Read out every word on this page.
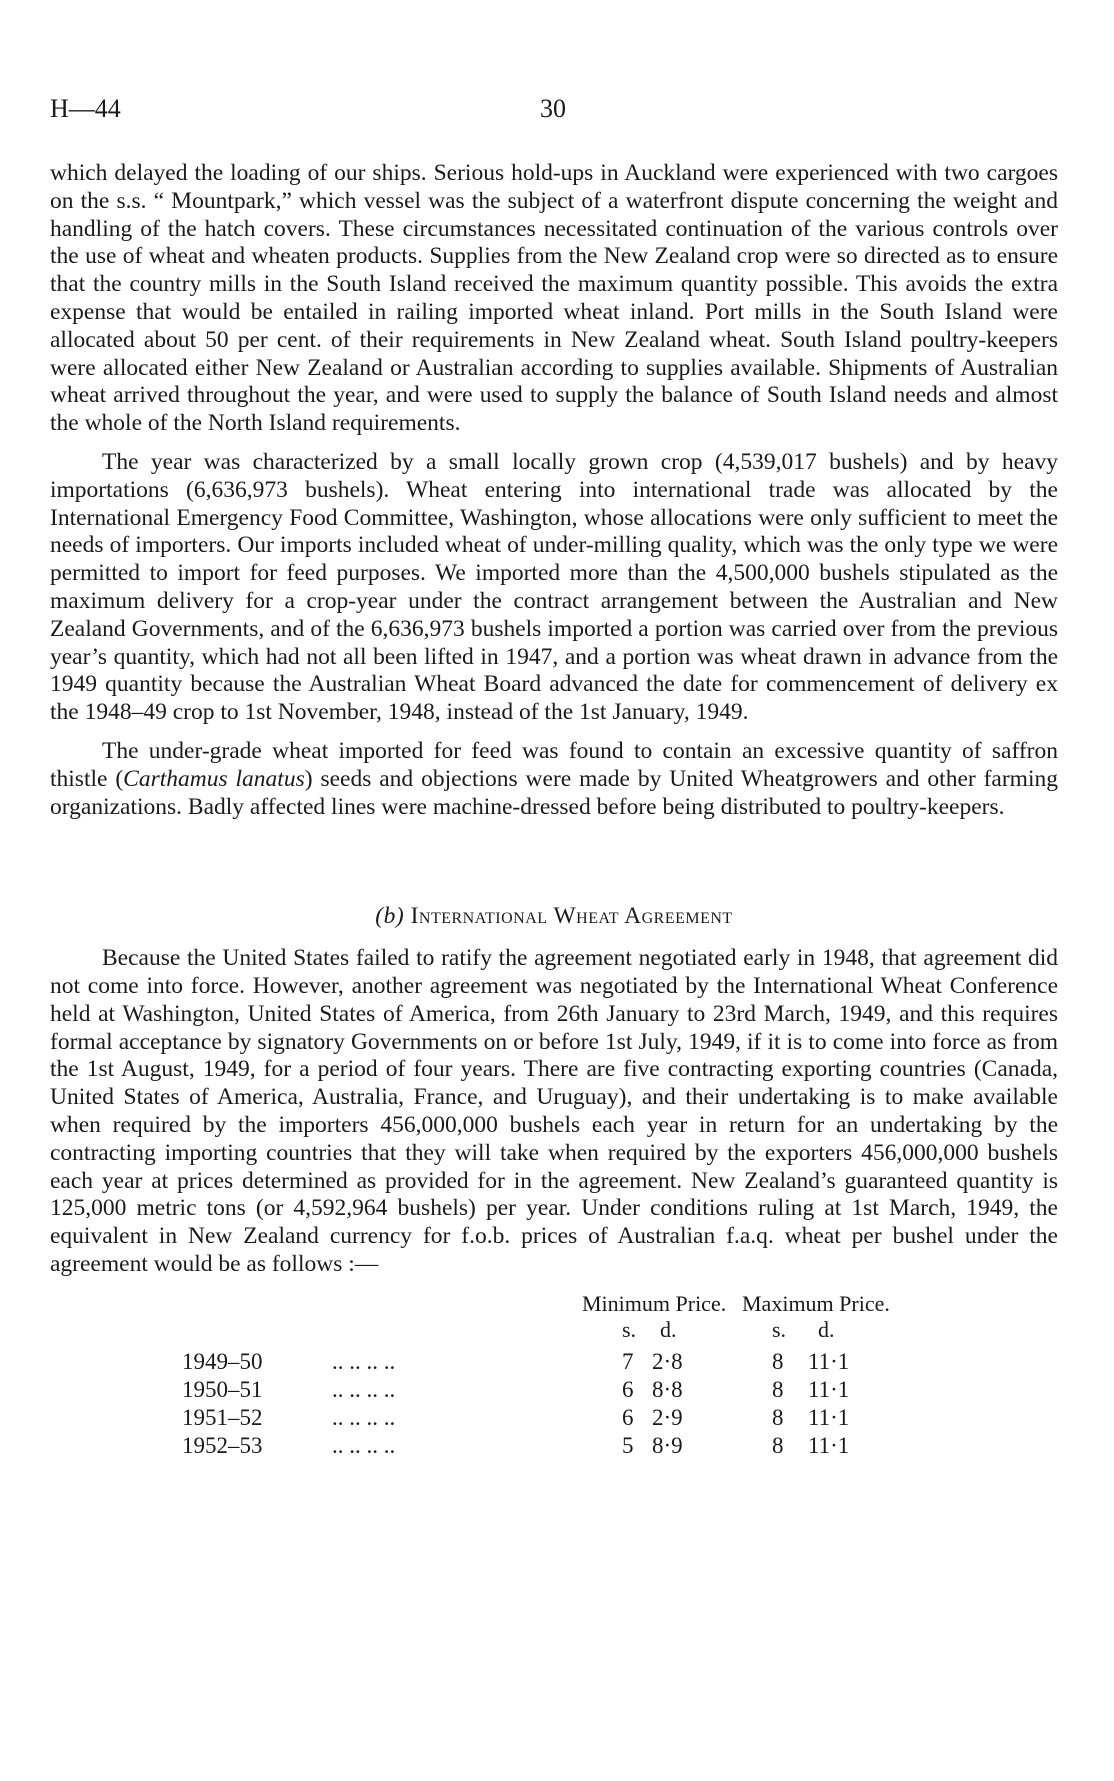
H—44	30

which delayed the loading of our ships. Serious hold-ups in Auckland were experienced with two cargoes on the s.s. “ Mountpark,” which vessel was the subject of a waterfront dispute concerning the weight and handling of the hatch covers. These circumstances necessitated continuation of the various controls over the use of wheat and wheaten products. Supplies from the New Zealand crop were so directed as to ensure that the country mills in the South Island received the maximum quantity possible. This avoids the extra expense that would be entailed in railing imported wheat inland. Port mills in the South Island were allocated about 50 per cent. of their requirements in New Zealand wheat. South Island poultry-keepers were allocated either New Zealand or Australian according to supplies available. Shipments of Australian wheat arrived throughout the year, and were used to supply the balance of South Island needs and almost the whole of the North Island requirements.

The year was characterized by a small locally grown crop (4,539,017 bushels) and by heavy importations (6,636,973 bushels). Wheat entering into international trade was allocated by the International Emergency Food Committee, Washington, whose allocations were only sufficient to meet the needs of importers. Our imports included wheat of under-milling quality, which was the only type we were permitted to import for feed purposes. We imported more than the 4,500,000 bushels stipulated as the maximum delivery for a crop-year under the contract arrangement between the Australian and New Zealand Governments, and of the 6,636,973 bushels imported a portion was carried over from the previous year’s quantity, which had not all been lifted in 1947, and a portion was wheat drawn in advance from the 1949 quantity because the Australian Wheat Board advanced the date for commencement of delivery ex the 1948–49 crop to 1st November, 1948, instead of the 1st January, 1949.

The under-grade wheat imported for feed was found to contain an excessive quantity of saffron thistle (Carthamus lanatus) seeds and objections were made by United Wheatgrowers and other farming organizations. Badly affected lines were machine-dressed before being distributed to poultry-keepers.

(b) International Wheat Agreement

Because the United States failed to ratify the agreement negotiated early in 1948, that agreement did not come into force. However, another agreement was negotiated by the International Wheat Conference held at Washington, United States of America, from 26th January to 23rd March, 1949, and this requires formal acceptance by signatory Governments on or before 1st July, 1949, if it is to come into force as from the 1st August, 1949, for a period of four years. There are five contracting exporting countries (Canada, United States of America, Australia, France, and Uruguay), and their undertaking is to make available when required by the importers 456,000,000 bushels each year in return for an undertaking by the contracting importing countries that they will take when required by the exporters 456,000,000 bushels each year at prices determined as provided for in the agreement. New Zealand’s guaranteed quantity is 125,000 metric tons (or 4,592,964 bushels) per year. Under conditions ruling at 1st March, 1949, the equivalent in New Zealand currency for f.o.b. prices of Australian f.a.q. wheat per bushel under the agreement would be as follows :—

Minimum Price. Maximum Price.
s. d.	s. d.
1949–50	.. .. .. ..	7 2·8	8 11·1
1950–51	.. .. .. ..	6 8·8	8 11·1
1951–52	.. .. .. ..	6 2·9	8 11·1
1952–53	.. .. .. ..	5 8·9	8 11·1
